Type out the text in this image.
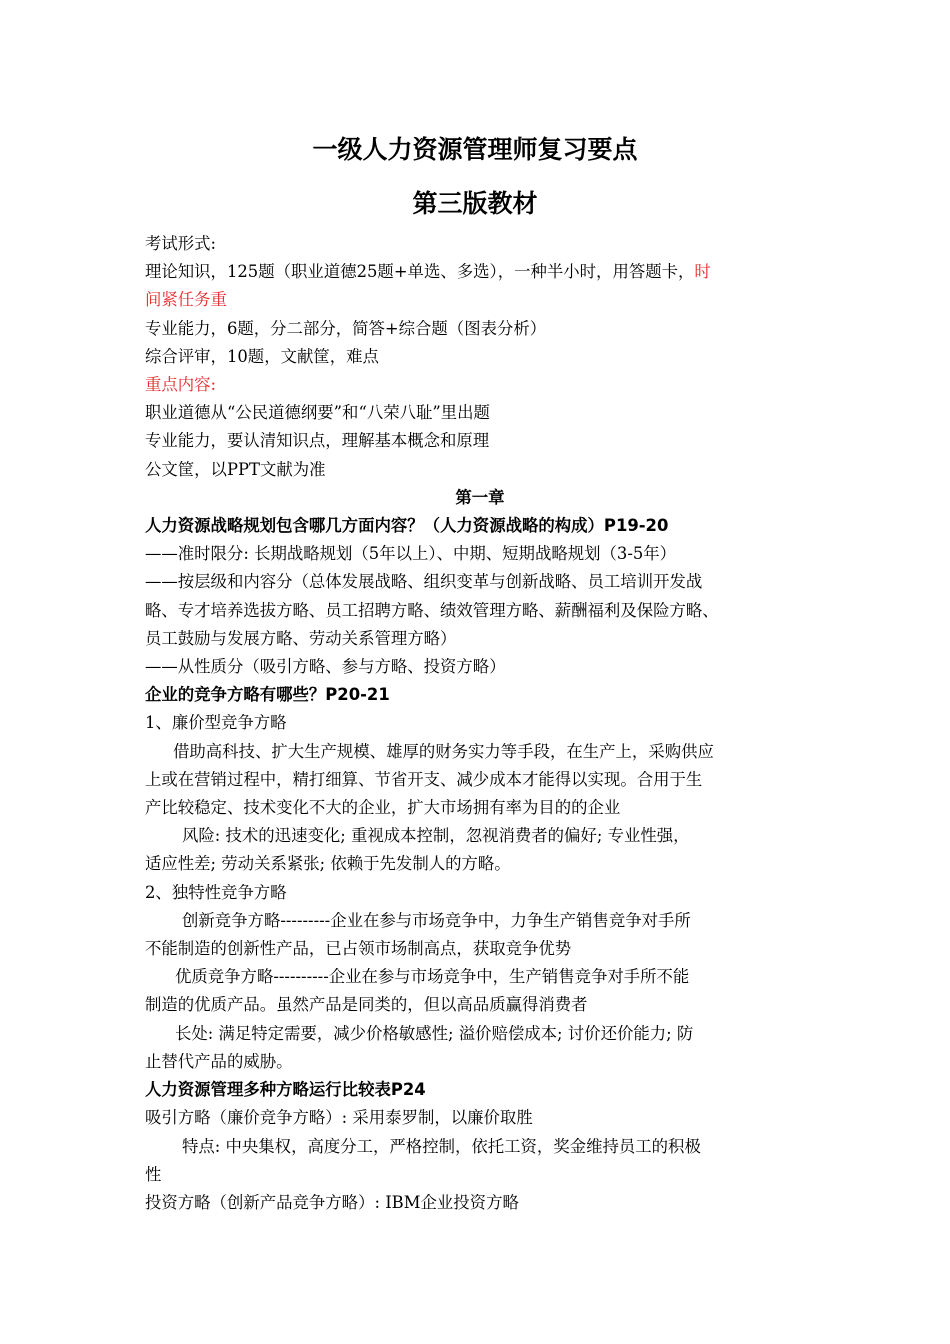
一级人力资源管理师复习要点
第三版教材

考试形式:

理论知识，125题（职业道德25题+单选、多选），一种半小时，用答题卡，时

间紧任务重

专业能力，6题，分二部分，简答+综合题（图表分析）

综合评审，10题，文献筐，难点

重点内容:

职业道德从“公民道德纲要”和“八荣八耻”里出题

专业能力，要认清知识点，理解基本概念和原理

公文筐，以PPT文献为准

第一章

人力资源战略规划包含哪几方面内容？（人力资源战略的构成）P19-20

——准时限分: 长期战略规划（5年以上）、中期、短期战略规划（3-5年）

——按层级和内容分（总体发展战略、组织变革与创新战略、员工培训开发战

略、专才培养选拔方略、员工招聘方略、绩效管理方略、薪酬福利及保险方略、

员工鼓励与发展方略、劳动关系管理方略）

——从性质分（吸引方略、参与方略、投资方略）

企业的竞争方略有哪些？P20-21

1、廉价型竞争方略

借助高科技、扩大生产规模、雄厚的财务实力等手段，在生产上，采购供应

上或在营销过程中，精打细算、节省开支、减少成本才能得以实现。合用于生

产比较稳定、技术变化不大的企业，扩大市场拥有率为目的的企业

风险: 技术的迅速变化; 重视成本控制，忽视消费者的偏好; 专业性强，

适应性差; 劳动关系紧张; 依赖于先发制人的方略。

2、独特性竞争方略

创新竞争方略---------企业在参与市场竞争中，力争生产销售竞争对手所

不能制造的创新性产品，已占领市场制高点，获取竞争优势

优质竞争方略----------企业在参与市场竞争中，生产销售竞争对手所不能

制造的优质产品。虽然产品是同类的，但以高品质赢得消费者

长处: 满足特定需要，减少价格敏感性; 溢价赔偿成本; 讨价还价能力; 防

止替代产品的威胁。

人力资源管理多种方略运行比较表P24

吸引方略（廉价竞争方略）: 采用泰罗制，以廉价取胜

特点: 中央集权，高度分工，严格控制，依托工资，奖金维持员工的积极

性

投资方略（创新产品竞争方略）: IBM企业投资方略
